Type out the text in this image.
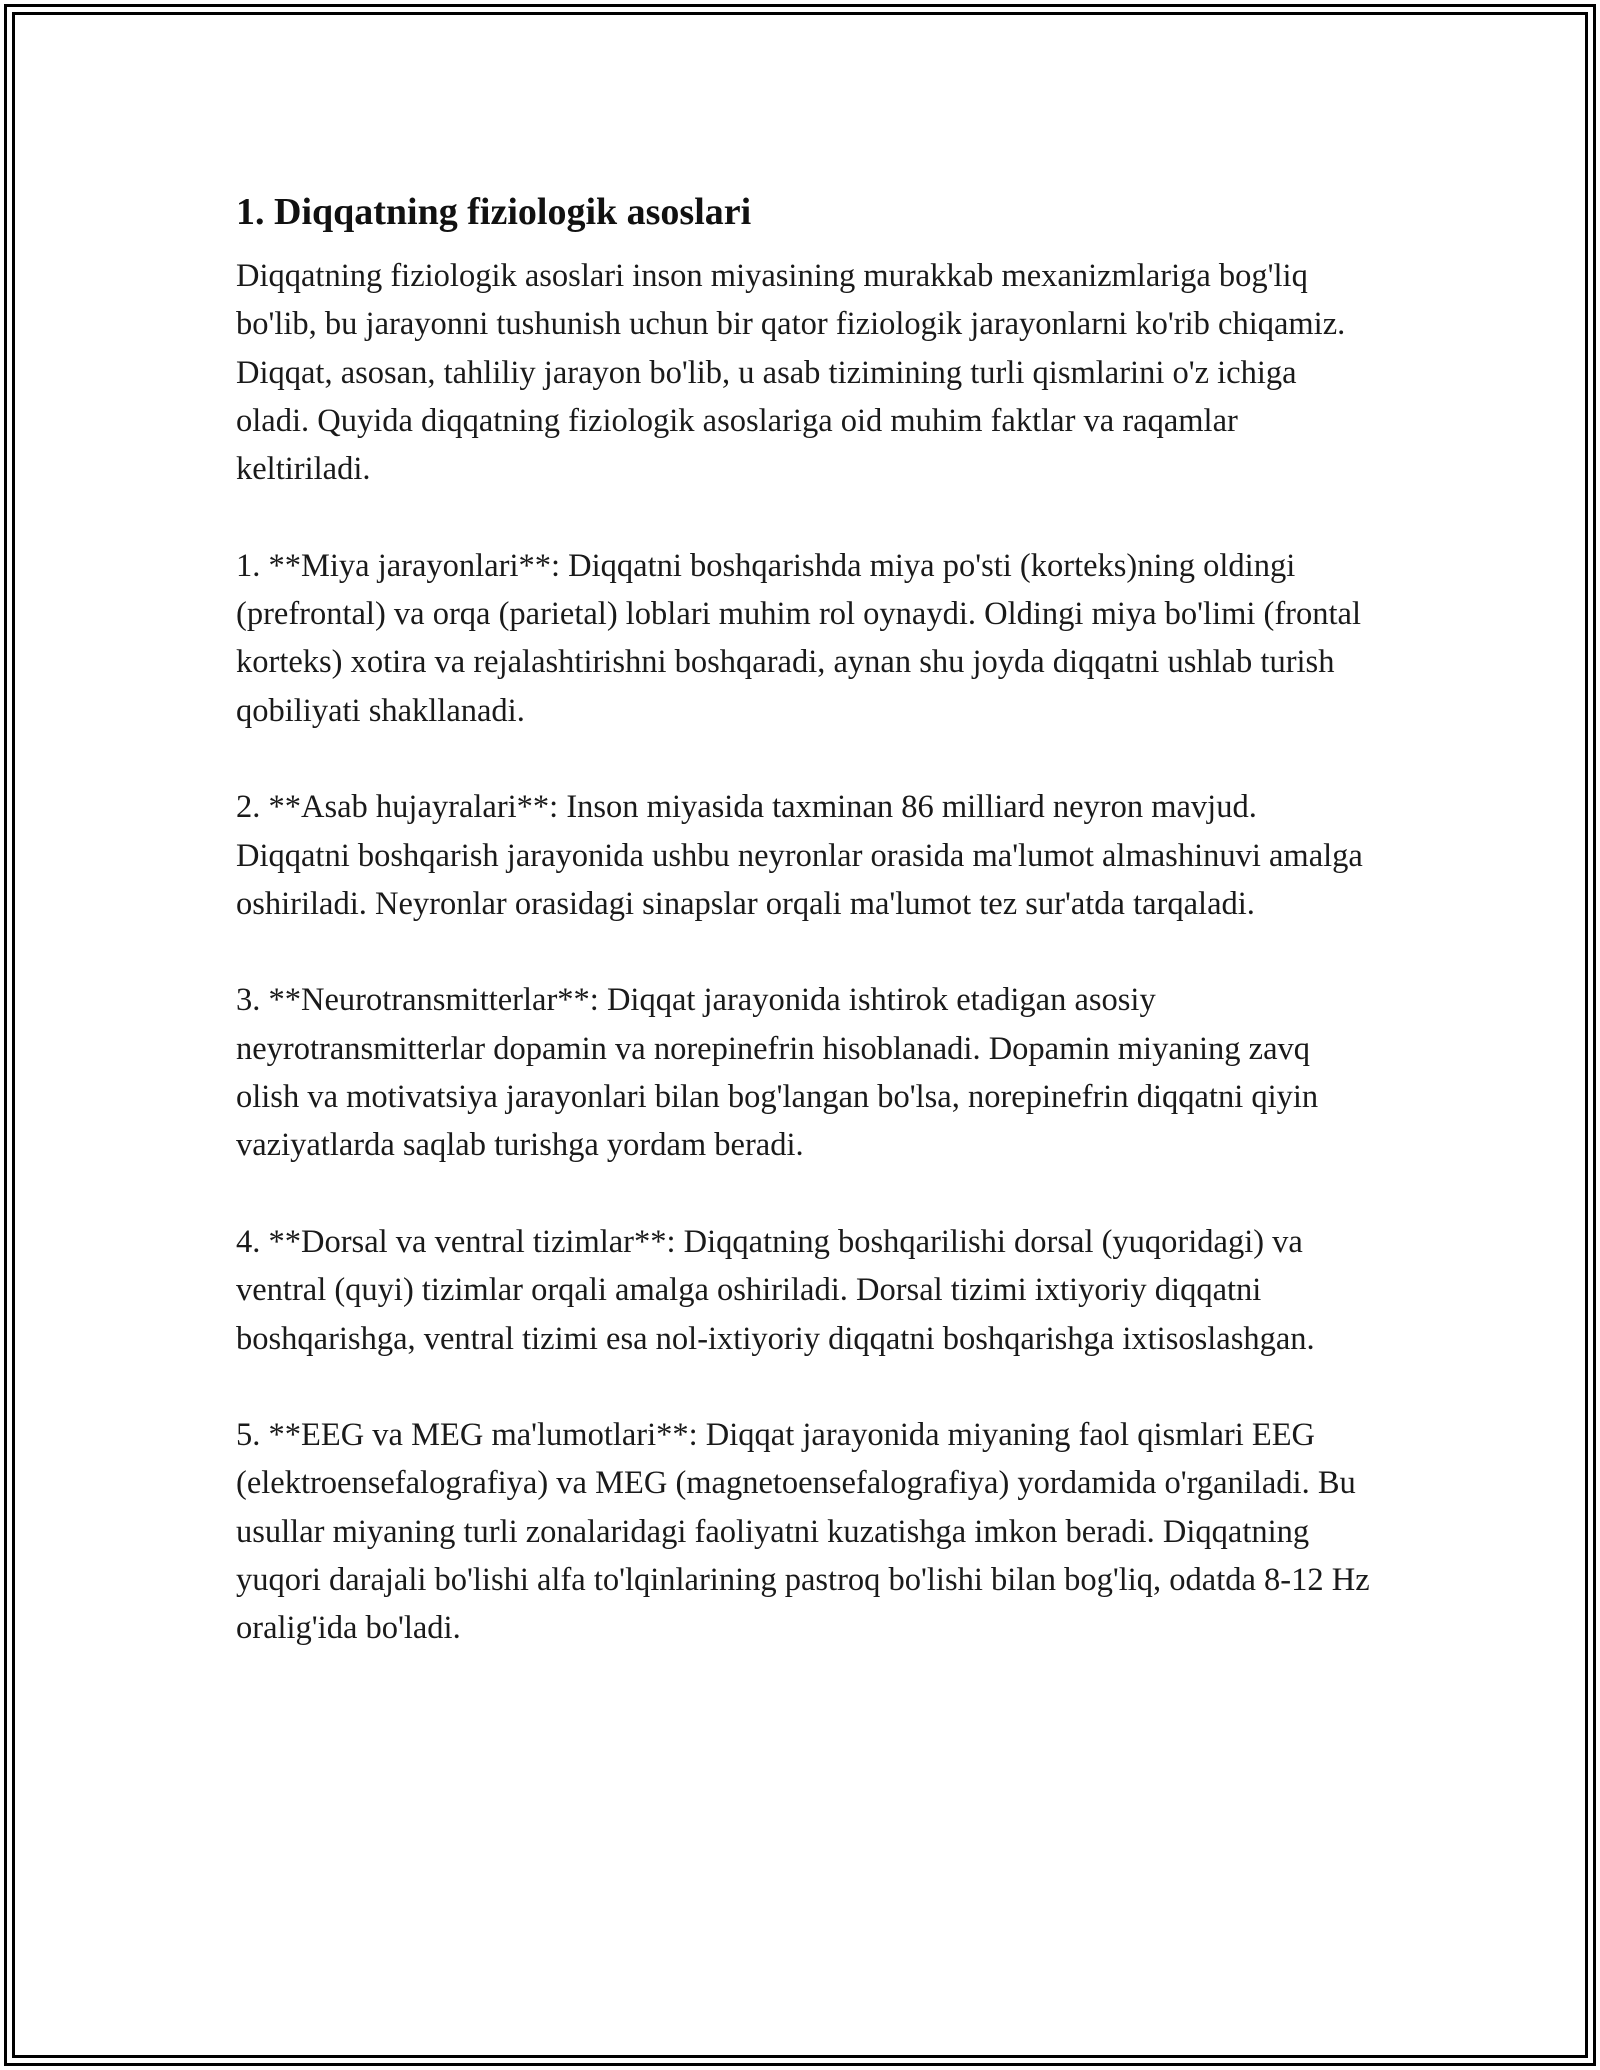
1. Diqqatning fiziologik asoslari

Diqqatning fiziologik asoslari inson miyasining murakkab mexanizmlariga bog'liq bo'lib, bu jarayonni tushunish uchun bir qator fiziologik jarayonlarni ko'rib chiqamiz. Diqqat, asosan, tahliliy jarayon bo'lib, u asab tizimining turli qismlarini o'z ichiga oladi. Quyida diqqatning fiziologik asoslariga oid muhim faktlar va raqamlar keltiriladi.

1. **Miya jarayonlari**: Diqqatni boshqarishda miya po'sti (korteks)ning oldingi (prefrontal) va orqa (parietal) loblari muhim rol oynaydi. Oldingi miya bo'limi (frontal korteks) xotira va rejalashtirishni boshqaradi, aynan shu joyda diqqatni ushlab turish qobiliyati shakllanadi.

2. **Asab hujayralari**: Inson miyasida taxminan 86 milliard neyron mavjud. Diqqatni boshqarish jarayonida ushbu neyronlar orasida ma'lumot almashinuvi amalga oshiriladi. Neyronlar orasidagi sinapslar orqali ma'lumot tez sur'atda tarqaladi.

3. **Neurotransmitterlar**: Diqqat jarayonida ishtirok etadigan asosiy neyrotransmitterlar dopamin va norepinefrin hisoblanadi. Dopamin miyaning zavq olish va motivatsiya jarayonlari bilan bog'langan bo'lsa, norepinefrin diqqatni qiyin vaziyatlarda saqlab turishga yordam beradi.

4. **Dorsal va ventral tizimlar**: Diqqatning boshqarilishi dorsal (yuqoridagi) va ventral (quyi) tizimlar orqali amalga oshiriladi. Dorsal tizimi ixtiyoriy diqqatni boshqarishga, ventral tizimi esa nol-ixtiyoriy diqqatni boshqarishga ixtisoslashgan.

5. **EEG va MEG ma'lumotlari**: Diqqat jarayonida miyaning faol qismlari EEG (elektroensefalografiya) va MEG (magnetoensefalografiya) yordamida o'rganiladi. Bu usullar miyaning turli zonalaridagi faoliyatni kuzatishga imkon beradi. Diqqatning yuqori darajali bo'lishi alfa to'lqinlarining pastroq bo'lishi bilan bog'liq, odatda 8-12 Hz oralig'ida bo'ladi.
